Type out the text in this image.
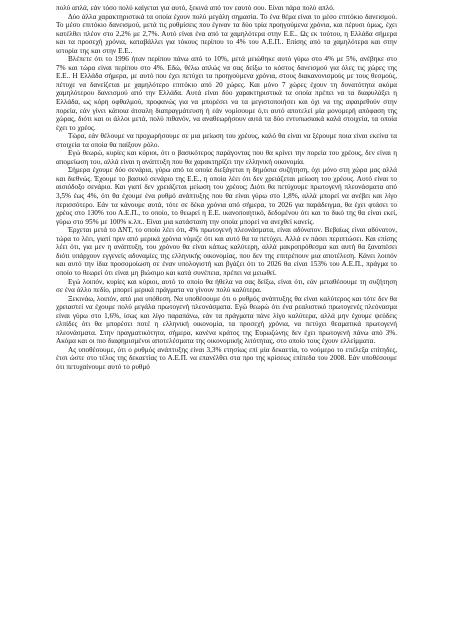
πολύ απλά, εάν τόσο πολύ καίγεται για αυτό, ξεκινά από τον εαυτό σου. Είναι πάρα πολύ απλό.

Δύο άλλα χαρακτηριστικά τα οποία έχουν πολύ μεγάλη σημασία. Το ένα θέμα είναι το μέσο επιτόκιο δανεισμού. Το μέσο επιτόκιο δανεισμού, μετά τις ρυθμίσεις που έγιναν τα δύο τρία προηγούμενα χρόνια, και πέρυσι όμως, έχει κατέλθει πλέον στο 2,2% με 2,7%. Αυτό είναι ένα από τα χαμηλότερα στην Ε.Ε.. Ως εκ τούτου, η Ελλάδα σήμερα και τα προσεχή χρόνια, καταβάλλει για τόκους περίπου το 4% του Α.Ε.Π.. Επίσης από τα χαμηλότερα και στην ιστορία της και στην Ε.Ε..

Βλέπετε ότι το 1996 ήταν περίπου πάνω από το 10%, μετά μειώθηκε αυτό γύρω στο 4% με 5%, ανέβηκε στο 7% και τώρα είναι περίπου στο 4%. Εδώ, θέλω απλώς να σας δείξω το κόστος δανεισμού για όλες τις χώρες της Ε.Ε.. Η Ελλάδα σήμερα, με αυτό που έχει πετύχει τα προηγούμενα χρόνια, στους διακανονισμούς με τους θεσμούς, πέτυχε να δανείζεται με χαμηλότερο επιτόκιο από 20 χώρες. Και μόνο 7 χώρες έχουν τη δυνατότητα ακόμα χαμηλότερου δανεισμού από την Ελλάδα. Αυτά είναι δύο χαρακτηριστικά τα οποία πρέπει να τα διαφυλάξει η Ελλάδα, ως κόρη οφθαλμού, προφανώς για να μπορέσει να τα μεγιστοποιήσει και όχι να της αφαιρεθούν στην πορεία, εάν γίνει κάποια άτσαλη διαπραγμάτευση ή εάν νομίσουμε ό,τι αυτό αποτελεί μία μονομερή απόφαση της χώρας, διότι και οι άλλοι μετά, πολύ πιθανόν, να αναθεωρήσουν αυτά τα δύο εντυπωσιακά καλά στοιχεία, τα οποία έχει το χρέος.

Τώρα, εάν θέλουμε να προχωρήσουμε σε μια μείωση του χρέους, καλό θα είναι να ξέρουμε ποια είναι εκείνα τα στοιχεία τα οποία θα παίξουν ρόλο.

Εγώ θεωρώ, κυρίες και κύριοι, ότι ο βασικότερος παράγοντας που θα κρίνει την πορεία του χρέους, δεν είναι η απομείωση του, αλλά είναι η ανάπτυξη που θα χαρακτηρίζει την ελληνική οικονομία.

Σήμερα έχουμε δύο σενάρια, γύρω από τα οποία διεξάγεται η δημόσια συζήτηση, όχι μόνο στη χώρα μας αλλά και διεθνώς. Έχουμε το βασικό σενάριο της Ε.Ε., η οποία λέει ότι δεν χρειάζεται μείωση του χρέους. Αυτό είναι το αισιόδοξο σενάριο. Και γιατί δεν χρειάζεται μείωση του χρέους; Διότι θα πετύχουμε πρωτογενή πλεονάσματα από 3,5% έως 4%, ότι θα έχουμε ένα ρυθμό ανάπτυξης που θα είναι γύρω στο 1,8%, αλλά μπορεί να ανέβει και λίγο περισσότερο. Εάν τα κάνουμε αυτά, τότε σε δέκα χρόνια από σήμερα, το 2026 για παράδειγμα, θα έχει φτάσει το χρέος στο 130% του Α.Ε.Π., το οποίο, το θεωρεί η Ε.Ε. ικανοποιητικό, δεδομένου ότι και το δικό της θα είναι εκεί, γύρω στο 95% με 100% κ.λπ.. Είναι μια κατάσταση την οποία μπορεί να ανεχθεί κανείς.

Έρχεται μετά το ΔΝΤ, το οποίο λέει ότι, 4% πρωτογενή πλεονάσματα, είναι αδύνατον. Βεβαίως είναι αδύνατον, τώρα το λέει, γιατί πριν από μερικά χρόνια νόμιζε ότι και αυτό θα τα πετύχει. Αλλά εν πάσει περιπτώσει. Και επίσης λέει ότι, για μεν η ανάπτυξη, του χρόνου θα είναι κάπως καλύτερη, αλλά μακροπρόθεσμα και αυτή θα ξαναπέσει διότι υπάρχουν εγγενείς αδυναμίες της ελληνικής οικονομίας, που δεν της επιτρέπουν μια αποτέλεση. Κάνει λοιπόν και αυτό την ίδια προσομοίωση σε έναν υπολογιστή και βγάζει ότι το 2026 θα είναι 153% του Α.Ε.Π., πράγμα το οποίο το θεωρεί ότι είναι μη βιώσιμο και κατά συνέπεια, πρέπει να μειωθεί.

Εγώ λοιπόν, κυρίες και κύριοι, αυτό το οποίο θα ήθελα να σας δείξω, είναι ότι, εάν μεταθέσουμε τη συζήτηση σε ένα άλλο πεδίο, μπορεί μερικά πράγματα να γίνουν πολύ καλύτερα.

Ξεκινάω, λοιπόν, από μια υπόθεση. Να υποθέσουμε ότι ο ρυθμός ανάπτυξης θα είναι καλύτερος και τότε δεν θα χρειαστεί να έχουμε πολύ μεγάλα πρωτογενή πλεονάσματα. Εγώ θεωρώ ότι ένα ρεαλιστικό πρωτογενές πλεόνασμα είναι γύρω στο 1,6%, ίσως και λίγο παραπάνω, εάν τα πράγματα πάνε λίγο καλύτερα, αλλά μην έχουμε ψεύδεις ελπίδες ότι θα μπορέσει ποτέ η ελληνική οικονομία, τα προσεχή χρόνια, να πετύχει θεαματικά πρωτογενή πλεονάσματα. Στην πραγματικότητα, σήμερα, κανένα κράτος της Ευρωζώνης δεν έχει πρωτογενή πάνω από 3%. Ακόμα και οι πιο διαφημισμένοι αποτελέσματα της οικονομικής λιτότητας, στο οποίο τους έχουν ελλείμματα.

Ας υποθέσουμε, ότι ο ρυθμός ανάπτυξης είναι 3,3% ετησίως επί μία δεκαετία, το νούμερο το επέλεξα επίτηδες, έτσι ώστε στο τέλος της δεκαετίας το Α.Ε.Π. να επανέλθει στα προ της κρίσεως επίπεδα του 2008. Εάν υποθέσουμε ότι πετυχαίνουμε αυτό το ρυθμό
